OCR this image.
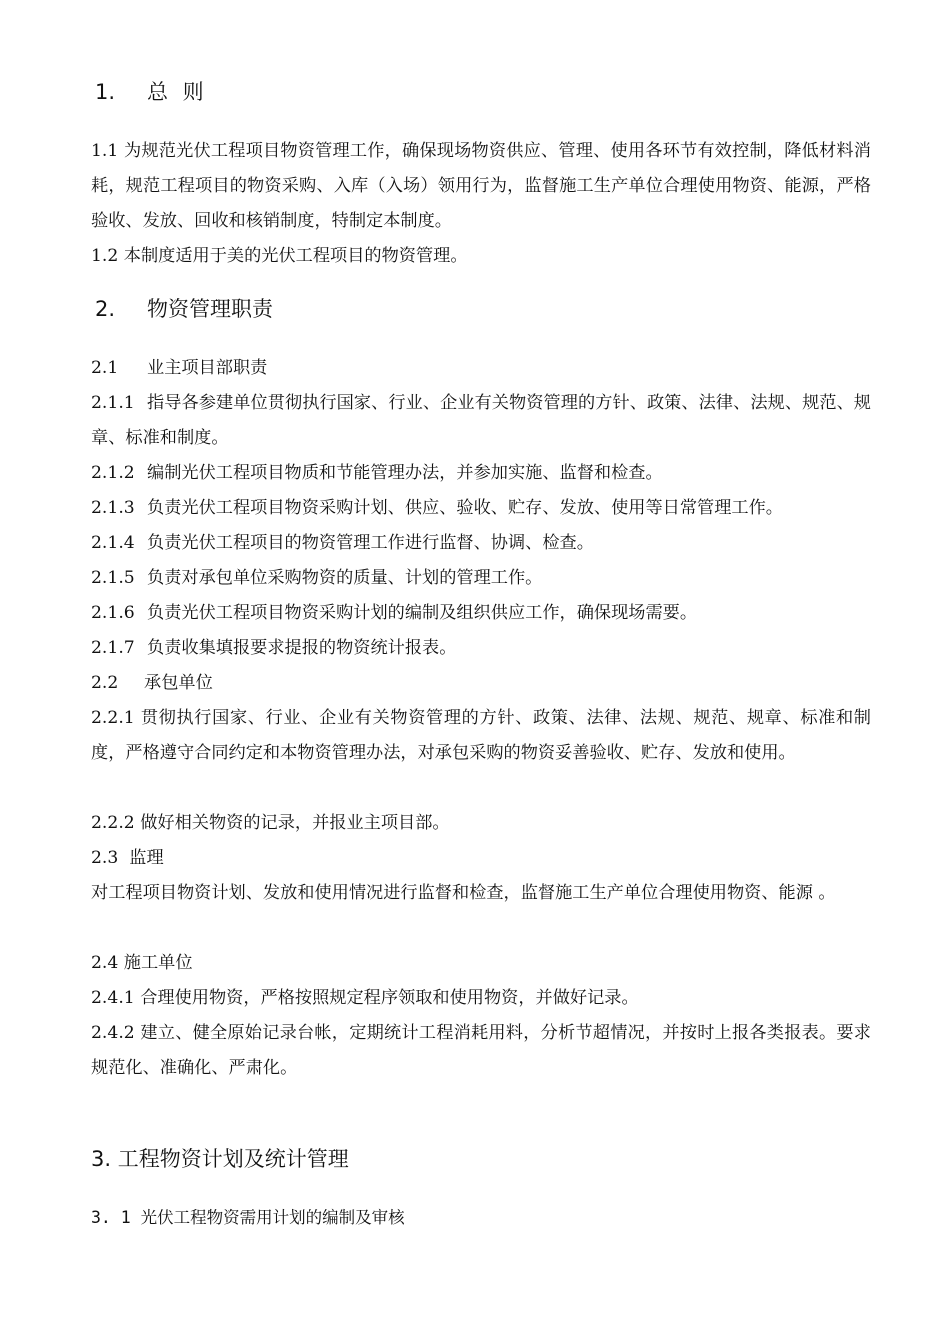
1. 总 则
1.1 为规范光伏工程项目物资管理工作，确保现场物资供应、管理、使用各环节有效控制，降低材料消耗，规范工程项目的物资采购、入库（入场）领用行为，监督施工生产单位合理使用物资、能源，严格验收、发放、回收和核销制度，特制定本制度。
1.2 本制度适用于美的光伏工程项目的物资管理。
2. 物资管理职责
2.1 业主项目部职责
2.1.1 指导各参建单位贯彻执行国家、行业、企业有关物资管理的方针、政策、法律、法规、规范、规章、标准和制度。
2.1.2 编制光伏工程项目物质和节能管理办法，并参加实施、监督和检查。
2.1.3 负责光伏工程项目物资采购计划、供应、验收、贮存、发放、使用等日常管理工作。
2.1.4 负责光伏工程项目的物资管理工作进行监督、协调、检查。
2.1.5 负责对承包单位采购物资的质量、计划的管理工作。
2.1.6 负责光伏工程项目物资采购计划的编制及组织供应工作，确保现场需要。
2.1.7 负责收集填报要求提报的物资统计报表。
2.2 承包单位
2.2.1 贯彻执行国家、行业、企业有关物资管理的方针、政策、法律、法规、规范、规章、标准和制度，严格遵守合同约定和本物资管理办法，对承包采购的物资妥善验收、贮存、发放和使用。
2.2.2 做好相关物资的记录，并报业主项目部。
2.3  监理
对工程项目物资计划、发放和使用情况进行监督和检查，监督施工生产单位合理使用物资、能源 。
2.4 施工单位
2.4.1 合理使用物资，严格按照规定程序领取和使用物资，并做好记录。
2.4.2 建立、健全原始记录台帐，定期统计工程消耗用料，分析节超情况，并按时上报各类报表。要求规范化、准确化、严肃化。
3. 工程物资计划及统计管理
3. 1 光伏工程物资需用计划的编制及审核
